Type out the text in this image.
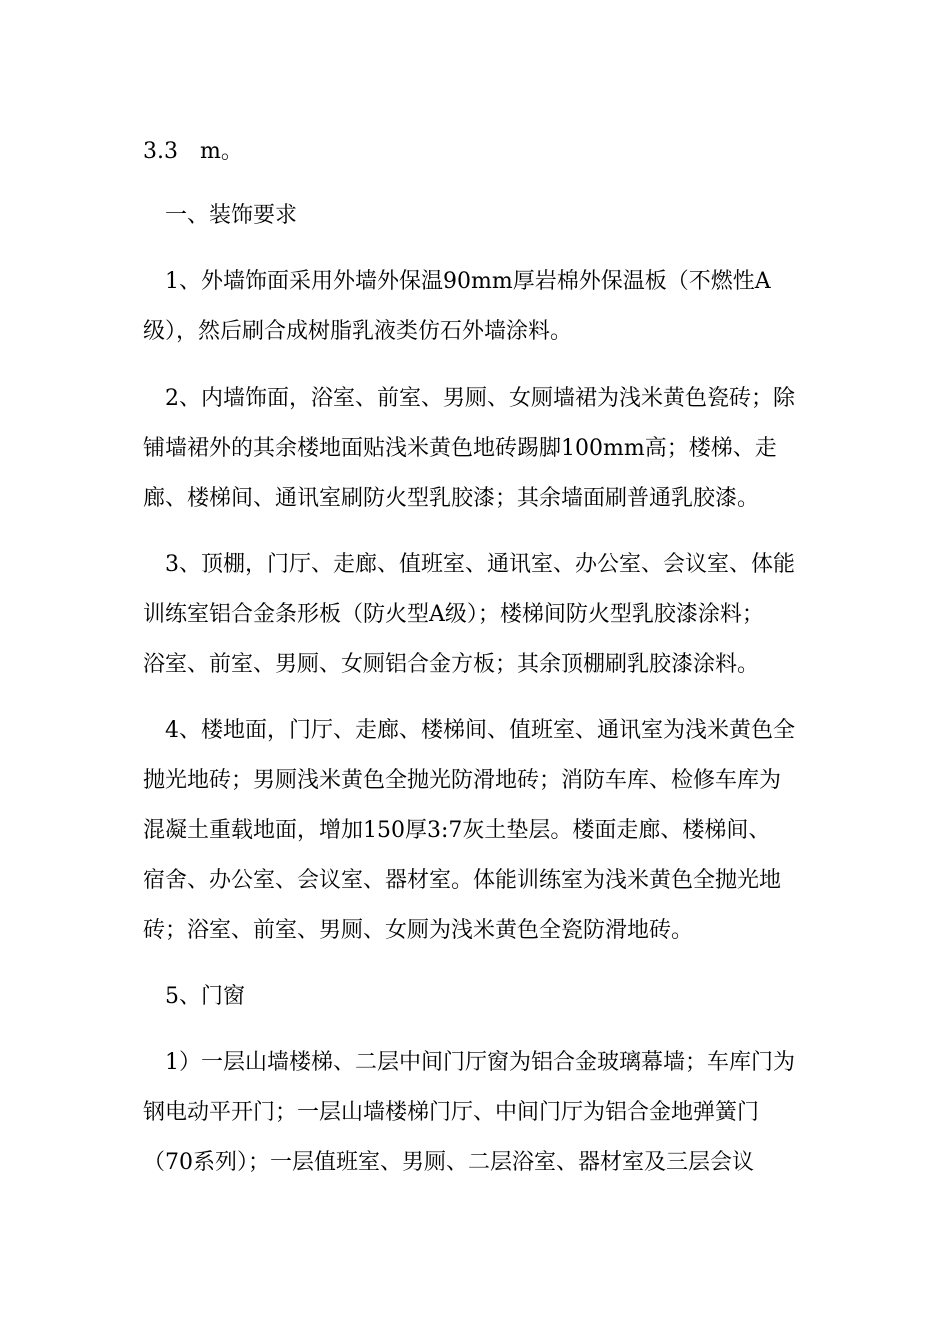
3.3　m。

　一、装饰要求

　1、外墙饰面采用外墙外保温90mm厚岩棉外保温板（不燃性A

级），然后刷合成树脂乳液类仿石外墙涂料。

　2、内墙饰面，浴室、前室、男厕、女厕墙裙为浅米黄色瓷砖；除

铺墙裙外的其余楼地面贴浅米黄色地砖踢脚100mm高；楼梯、走

廊、楼梯间、通讯室刷防火型乳胶漆；其余墙面刷普通乳胶漆。

　3、顶棚，门厅、走廊、值班室、通讯室、办公室、会议室、体能

训练室铝合金条形板（防火型A级）；楼梯间防火型乳胶漆涂料；

浴室、前室、男厕、女厕铝合金方板；其余顶棚刷乳胶漆涂料。

　4、楼地面，门厅、走廊、楼梯间、值班室、通讯室为浅米黄色全

抛光地砖；男厕浅米黄色全抛光防滑地砖；消防车库、检修车库为

混凝土重载地面，增加150厚3:7灰土垫层。楼面走廊、楼梯间、

宿舍、办公室、会议室、器材室。体能训练室为浅米黄色全抛光地

砖；浴室、前室、男厕、女厕为浅米黄色全瓷防滑地砖。

　5、门窗

　1）一层山墙楼梯、二层中间门厅窗为铝合金玻璃幕墙；车库门为

钢电动平开门；一层山墙楼梯门厅、中间门厅为铝合金地弹簧门

（70系列）；一层值班室、男厕、二层浴室、器材室及三层会议
